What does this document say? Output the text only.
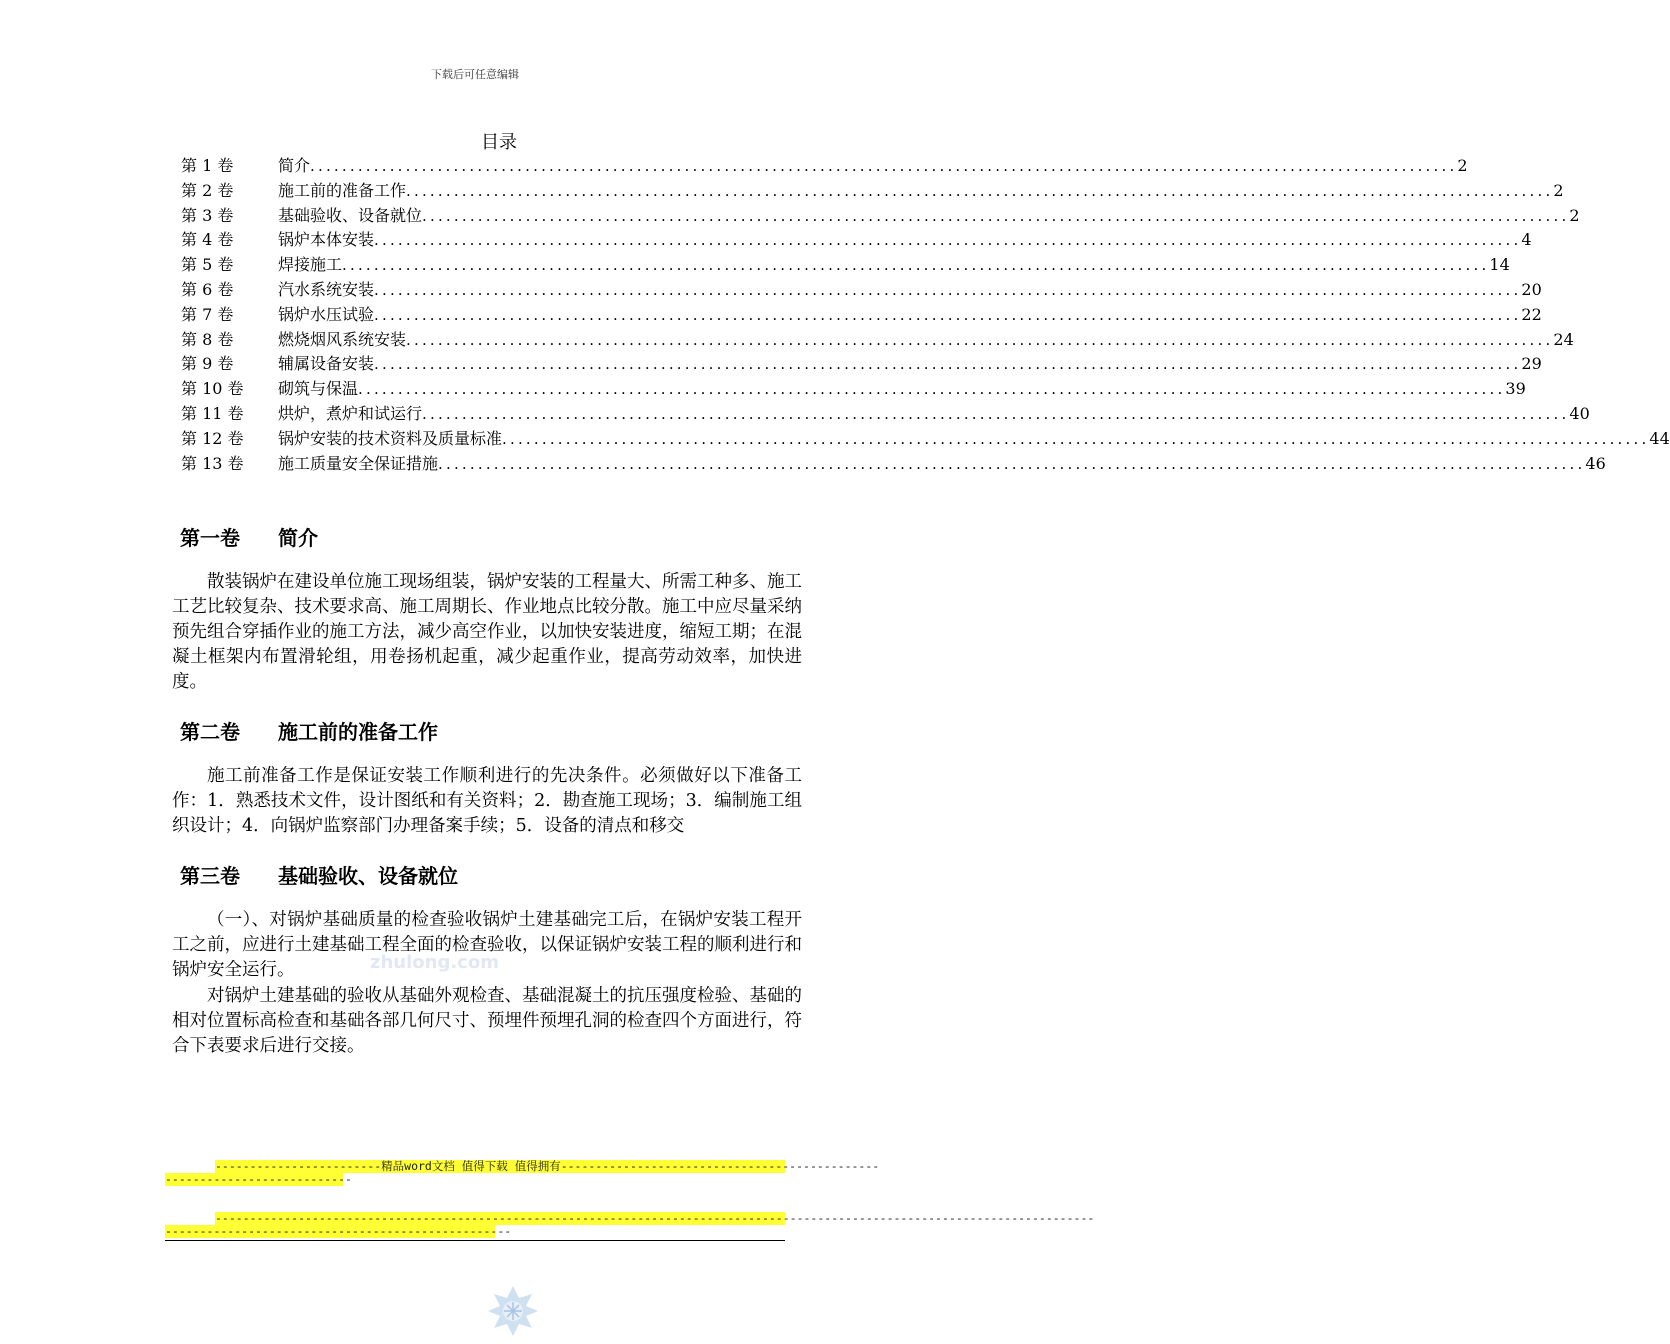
下载后可任意编辑
目录
第 1 卷	简介 .....	2
第 2 卷	施工前的准备工作 .....	2
第 3 卷	基础验收、设备就位 .....	2
第 4 卷	锅炉本体安装 .....	4
第 5 卷	焊接施工 .....	14
第 6 卷	汽水系统安装 .....	20
第 7 卷	锅炉水压试验 .....	22
第 8 卷	燃烧烟风系统安装 .....	24
第 9 卷	辅属设备安装 .....	29
第 10 卷	砌筑与保温 .....	39
第 11 卷	烘炉，煮炉和试运行 .....	40
第 12 卷	锅炉安装的技术资料及质量标准 .....	44
第 13 卷	施工质量安全保证措施 .....	46
第一卷 简介

散装锅炉在建设单位施工现场组装，锅炉安装的工程量大、所需工种多、施工工艺比较复杂、技术要求高、施工周期长、作业地点比较分散。施工中应尽量采纳预先组合穿插作业的施工方法，减少高空作业，以加快安装进度，缩短工期；在混凝土框架内布置滑轮组，用卷扬机起重，减少起重作业，提高劳动效率，加快进度。

第二卷 施工前的准备工作

施工前准备工作是保证安装工作顺利进行的先决条件。必须做好以下准备工作：1．熟悉技术文件，设计图纸和有关资料；2．勘查施工现场；3．编制施工组织设计；4．向锅炉监察部门办理备案手续；5．设备的清点和移交

第三卷 基础验收、设备就位

（一）、对锅炉基础质量的检查验收锅炉土建基础完工后，在锅炉安装工程开工之前，应进行土建基础工程全面的检查验收，以保证锅炉安装工程的顺利进行和锅炉安全运行。

对锅炉土建基础的验收从基础外观检查、基础混凝土的抗压强度检验、基础的相对位置标高检查和基础各部几何尺寸、预埋件预埋孔洞的检查四个方面进行，符合下表要求后进行交接。

zhulong.com
------------------------精品word文档 值得下载 值得拥有----------------------------------------------
---------------------------
-------------------------------------------------------------------------------------------------------------------------------
--------------------------------------------------
